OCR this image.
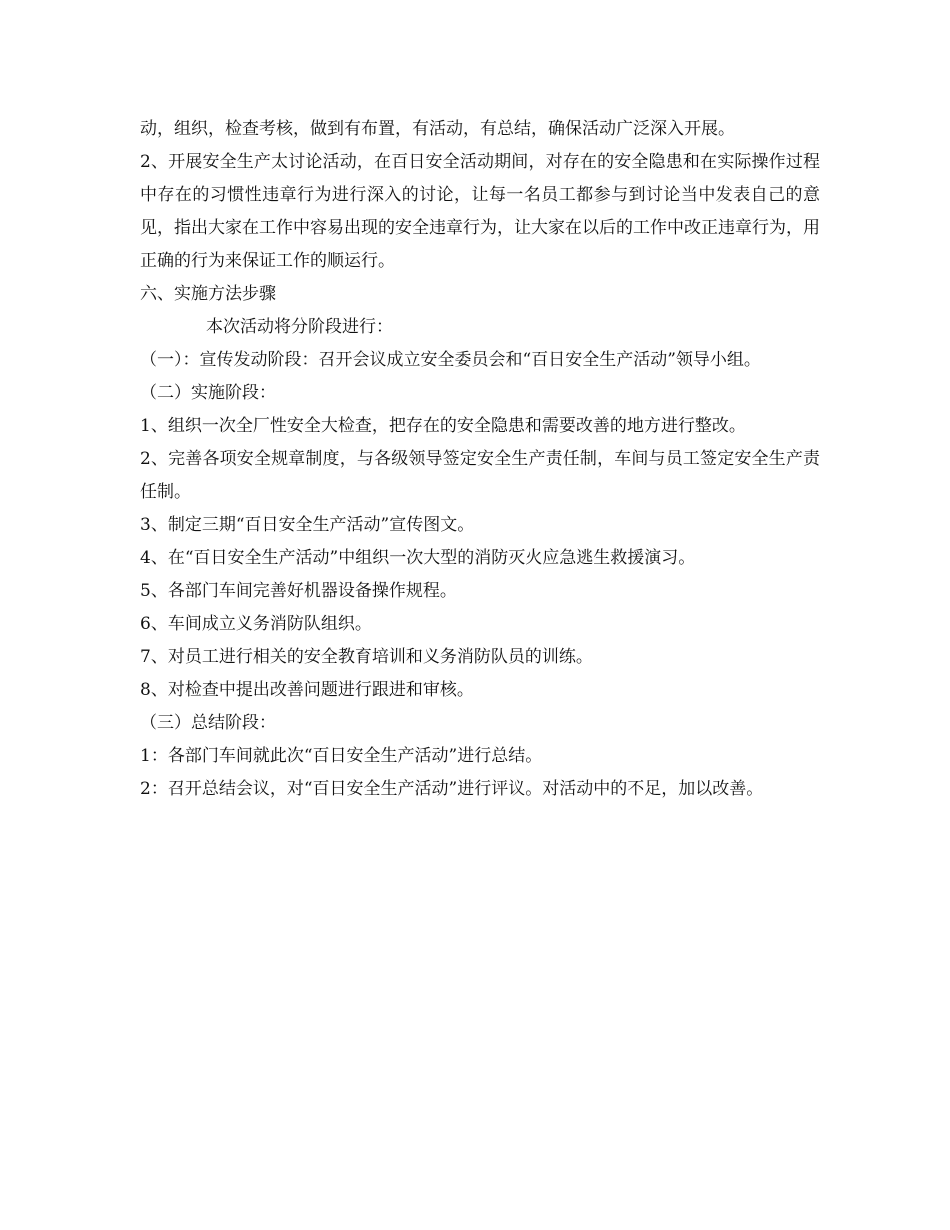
动，组织，检查考核，做到有布置，有活动，有总结，确保活动广泛深入开展。

2、开展安全生产太讨论活动，在百日安全活动期间，对存在的安全隐患和在实际操作过程中存在的习惯性违章行为进行深入的讨论，让每一名员工都参与到讨论当中发表自己的意见，指出大家在工作中容易出现的安全违章行为，让大家在以后的工作中改正违章行为，用正确的行为来保证工作的顺运行。

六、实施方法步骤

本次活动将分阶段进行：

（一）：宣传发动阶段：召开会议成立安全委员会和“百日安全生产活动”领导小组。

（二）实施阶段：

1、组织一次全厂性安全大检查，把存在的安全隐患和需要改善的地方进行整改。

2、完善各项安全规章制度，与各级领导签定安全生产责任制，车间与员工签定安全生产责任制。

3、制定三期“百日安全生产活动”宣传图文。

4、在“百日安全生产活动”中组织一次大型的消防灭火应急逃生救援演习。

5、各部门车间完善好机器设备操作规程。

6、车间成立义务消防队组织。

7、对员工进行相关的安全教育培训和义务消防队员的训练。

8、对检查中提出改善问题进行跟进和审核。

（三）总结阶段：

1：各部门车间就此次“百日安全生产活动”进行总结。

2：召开总结会议，对“百日安全生产活动”进行评议。对活动中的不足，加以改善。
